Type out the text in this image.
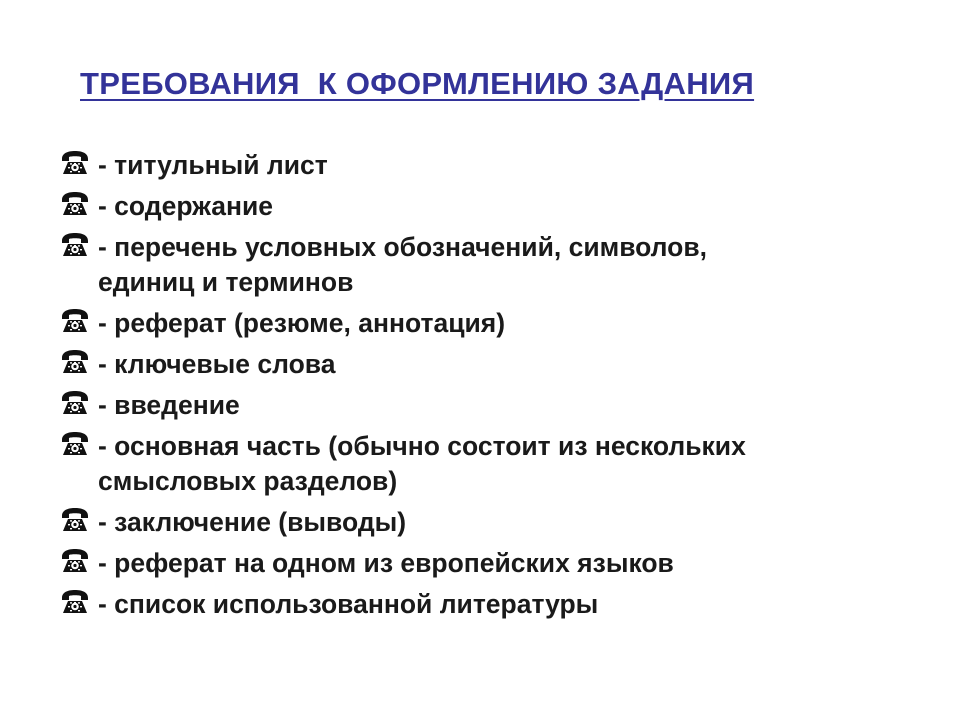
ТРЕБОВАНИЯ  К ОФОРМЛЕНИЮ ЗАДАНИЯ
- титульный лист
- содержание
- перечень условных обозначений, символов,
единиц и терминов
- реферат (резюме, аннотация)
- ключевые слова
- введение
- основная часть (обычно состоит из нескольких
смысловых разделов)
- заключение (выводы)
- реферат на одном из европейских языков
- список использованной литературы
